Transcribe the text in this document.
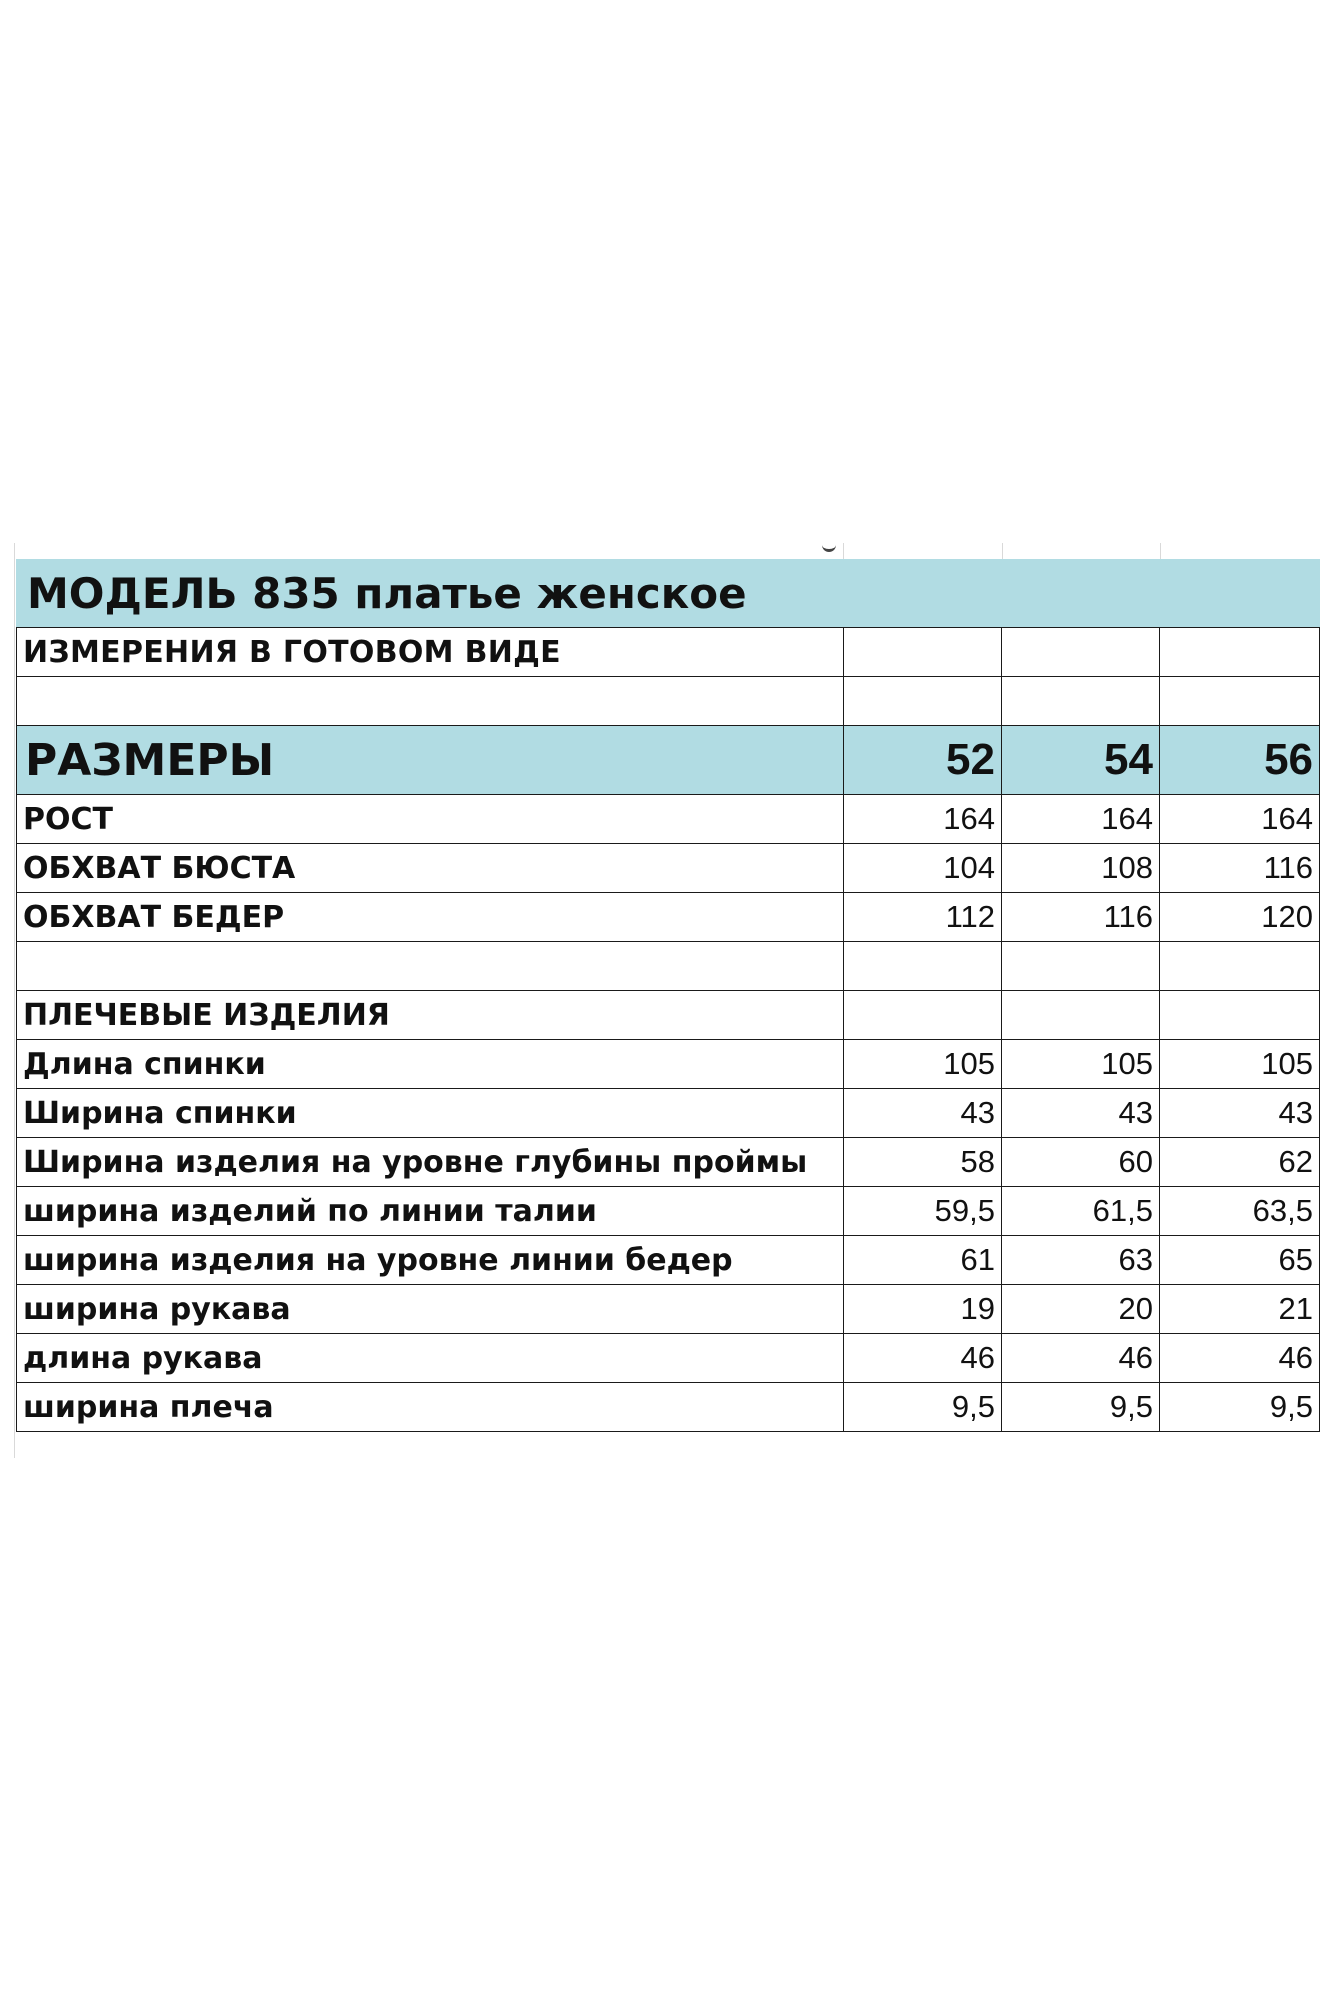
МОДЕЛЬ 835 платье женское			
ИЗМЕРЕНИЯ В ГОТОВОМ ВИДЕ			

РАЗМЕРЫ	52	54	56
РОСТ	164	164	164
ОБХВАТ БЮСТА	104	108	116
ОБХВАТ БЕДЕР	112	116	120

ПЛЕЧЕВЫЕ ИЗДЕЛИЯ			
Длина спинки	105	105	105
Ширина спинки	43	43	43
Ширина изделия на уровне глубины проймы	58	60	62
ширина изделий по линии талии	59,5	61,5	63,5
ширина изделия на уровне линии бедер	61	63	65
ширина рукава	19	20	21
длина рукава	46	46	46
ширина плеча	9,5	9,5	9,5
